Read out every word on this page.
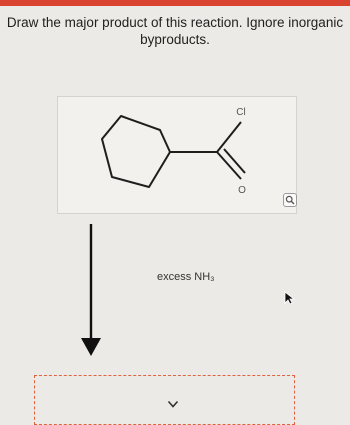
Draw the major product of this reaction. Ignore inorganic
byproducts.
Cl
O
excess NH₃
